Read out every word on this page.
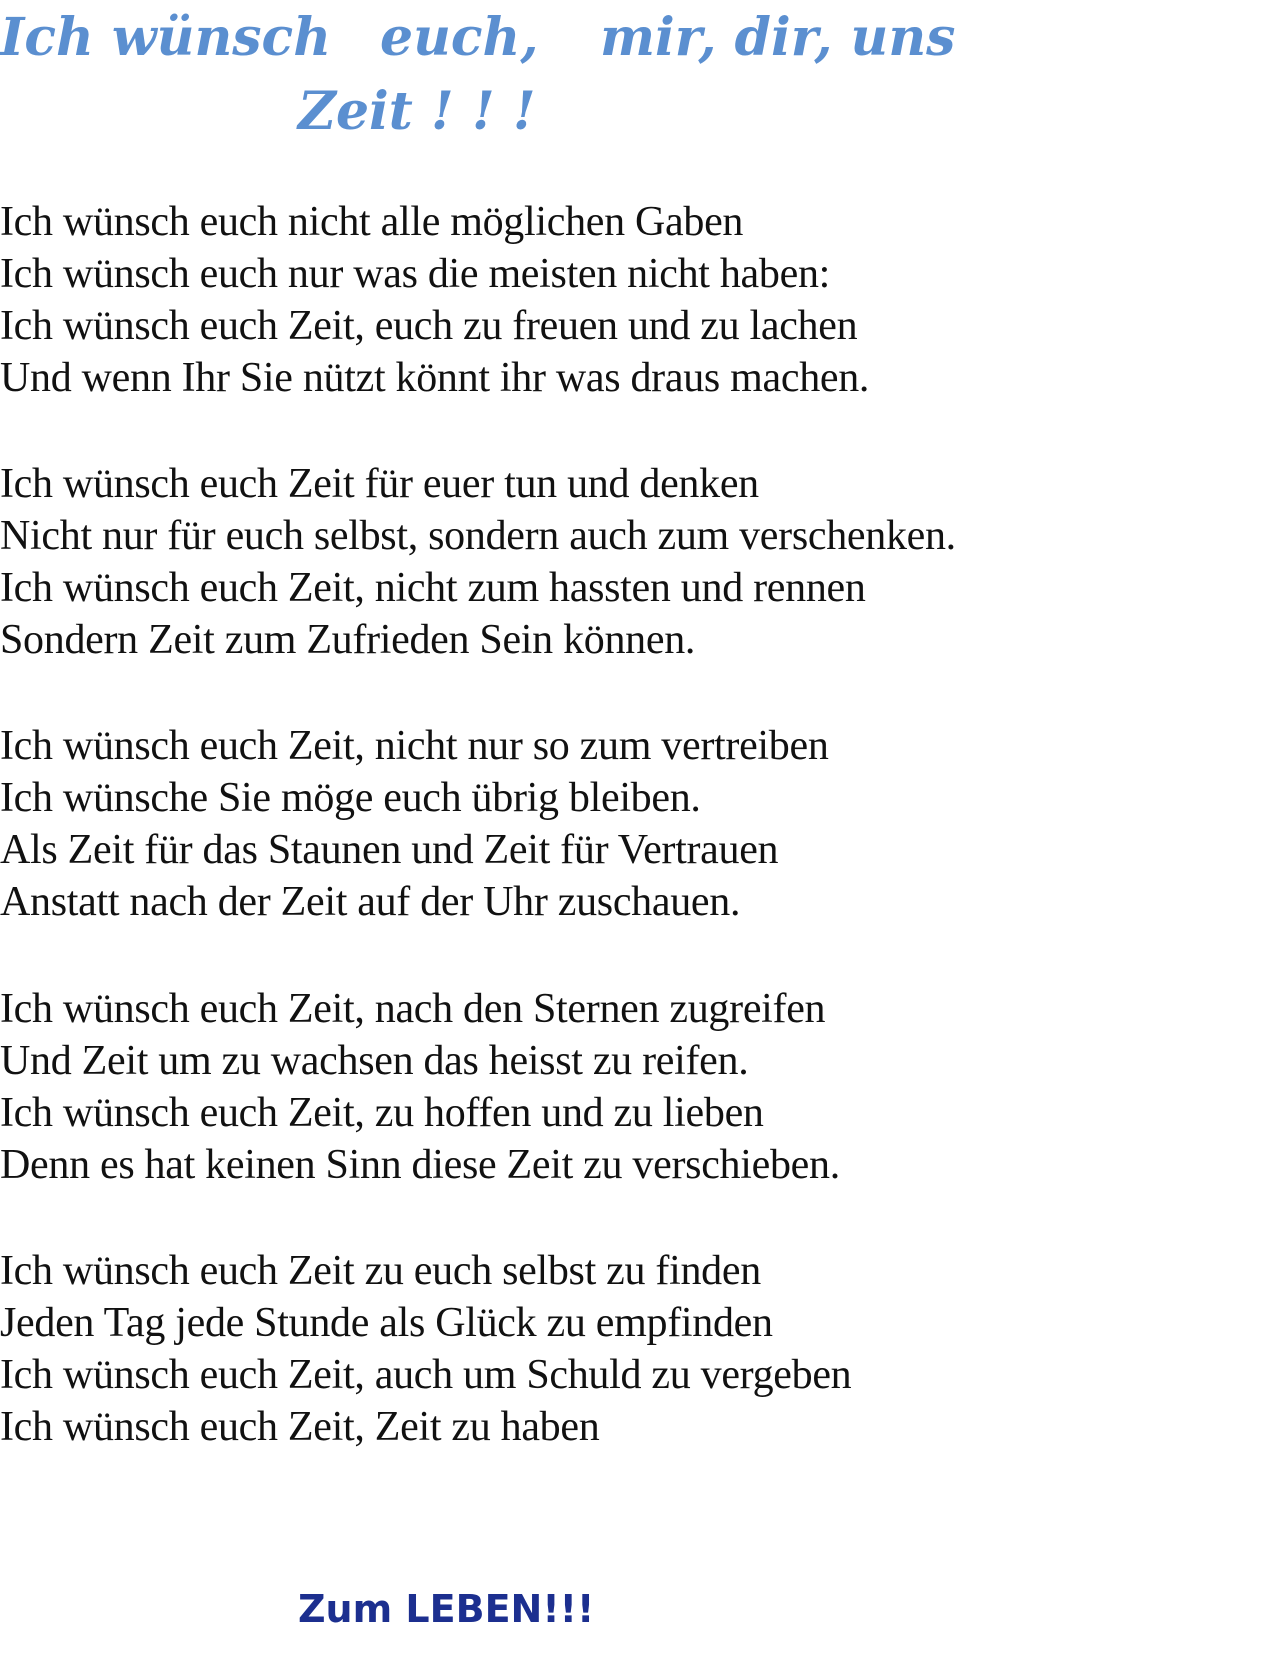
Ich wünsch euch, mir, dir, uns
Zeit ! ! !
Ich wünsch euch nicht alle möglichen Gaben
Ich wünsch euch nur was die meisten nicht haben:
Ich wünsch euch Zeit, euch zu freuen und zu lachen
Und wenn Ihr Sie nützt könnt ihr was draus machen.
Ich wünsch euch Zeit für euer tun und denken
Nicht nur für euch selbst, sondern auch zum verschenken.
Ich wünsch euch Zeit, nicht zum hassten und rennen
Sondern Zeit zum Zufrieden Sein können.
Ich wünsch euch Zeit, nicht nur so zum vertreiben
Ich wünsche Sie möge euch übrig bleiben.
Als Zeit für das Staunen und Zeit für Vertrauen
Anstatt nach der Zeit auf der Uhr zuschauen.
Ich wünsch euch Zeit, nach den Sternen zugreifen
Und Zeit um zu wachsen das heisst zu reifen.
Ich wünsch euch Zeit, zu hoffen und zu lieben
Denn es hat keinen Sinn diese Zeit zu verschieben.
Ich wünsch euch Zeit zu euch selbst zu finden
Jeden Tag jede Stunde als Glück zu empfinden
Ich wünsch euch Zeit, auch um Schuld zu vergeben
Ich wünsch euch Zeit, Zeit zu haben

Zum LEBEN!!!
